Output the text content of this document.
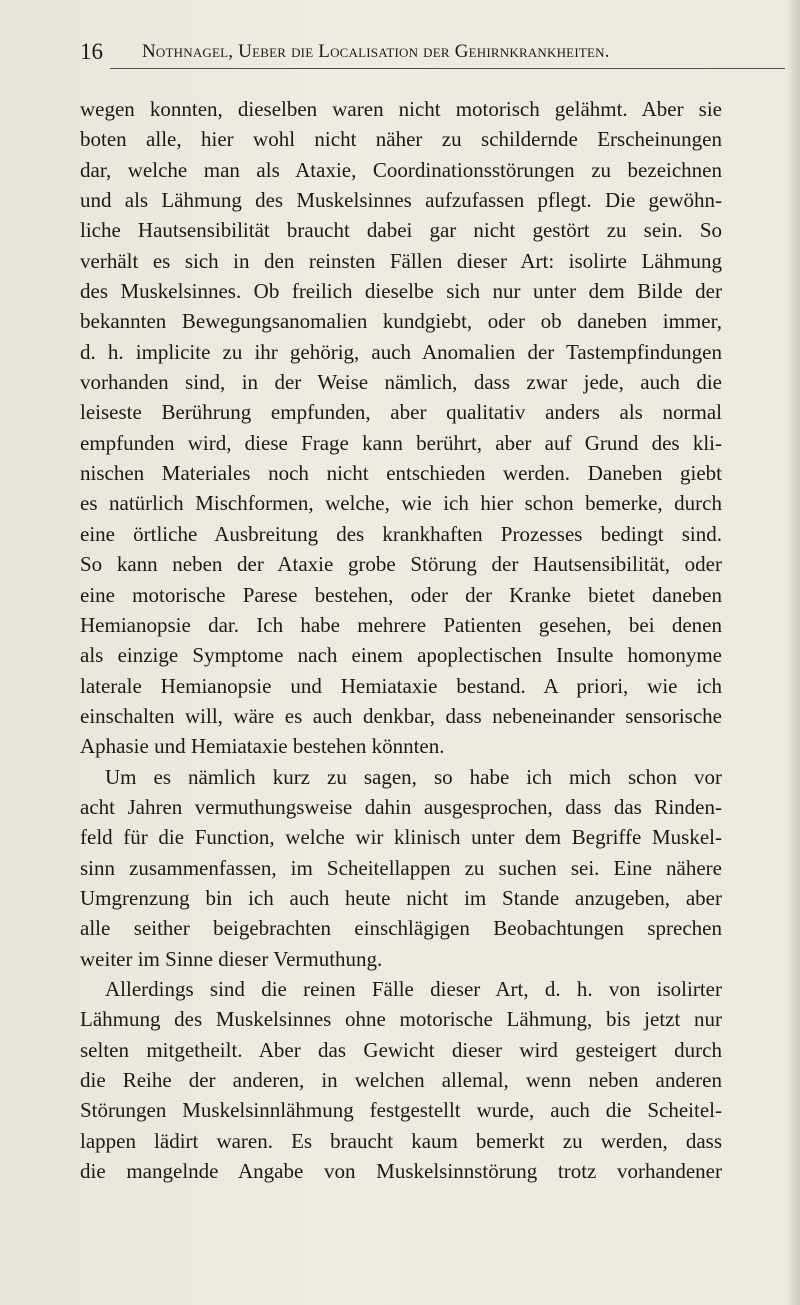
16 Nothnagel, Ueber die Localisation der Gehirnkrankheiten.
wegen konnten, dieselben waren nicht motorisch gelähmt. Aber sie
boten alle, hier wohl nicht näher zu schildernde Erscheinungen
dar, welche man als Ataxie, Coordinationsstörungen zu bezeichnen
und als Lähmung des Muskelsinnes aufzufassen pflegt. Die gewöhn-
liche Hautsensibilität braucht dabei gar nicht gestört zu sein. So
verhält es sich in den reinsten Fällen dieser Art: isolirte Lähmung
des Muskelsinnes. Ob freilich dieselbe sich nur unter dem Bilde der
bekannten Bewegungsanomalien kundgiebt, oder ob daneben immer,
d. h. implicite zu ihr gehörig, auch Anomalien der Tastempfindungen
vorhanden sind, in der Weise nämlich, dass zwar jede, auch die
leiseste Berührung empfunden, aber qualitativ anders als normal
empfunden wird, diese Frage kann berührt, aber auf Grund des kli-
nischen Materiales noch nicht entschieden werden. Daneben giebt
es natürlich Mischformen, welche, wie ich hier schon bemerke, durch
eine örtliche Ausbreitung des krankhaften Prozesses bedingt sind.
So kann neben der Ataxie grobe Störung der Hautsensibilität, oder
eine motorische Parese bestehen, oder der Kranke bietet daneben
Hemianopsie dar. Ich habe mehrere Patienten gesehen, bei denen
als einzige Symptome nach einem apoplectischen Insulte homonyme
laterale Hemianopsie und Hemiataxie bestand. A priori, wie ich
einschalten will, wäre es auch denkbar, dass nebeneinander sensorische
Aphasie und Hemiataxie bestehen könnten.
Um es nämlich kurz zu sagen, so habe ich mich schon vor
acht Jahren vermuthungsweise dahin ausgesprochen, dass das Rinden-
feld für die Function, welche wir klinisch unter dem Begriffe Muskel-
sinn zusammenfassen, im Scheitellappen zu suchen sei. Eine nähere
Umgrenzung bin ich auch heute nicht im Stande anzugeben, aber
alle seither beigebrachten einschlägigen Beobachtungen sprechen
weiter im Sinne dieser Vermuthung.
Allerdings sind die reinen Fälle dieser Art, d. h. von isolirter
Lähmung des Muskelsinnes ohne motorische Lähmung, bis jetzt nur
selten mitgetheilt. Aber das Gewicht dieser wird gesteigert durch
die Reihe der anderen, in welchen allemal, wenn neben anderen
Störungen Muskelsinnlähmung festgestellt wurde, auch die Scheitel-
lappen lädirt waren. Es braucht kaum bemerkt zu werden, dass
die mangelnde Angabe von Muskelsinnstörung trotz vorhandener
